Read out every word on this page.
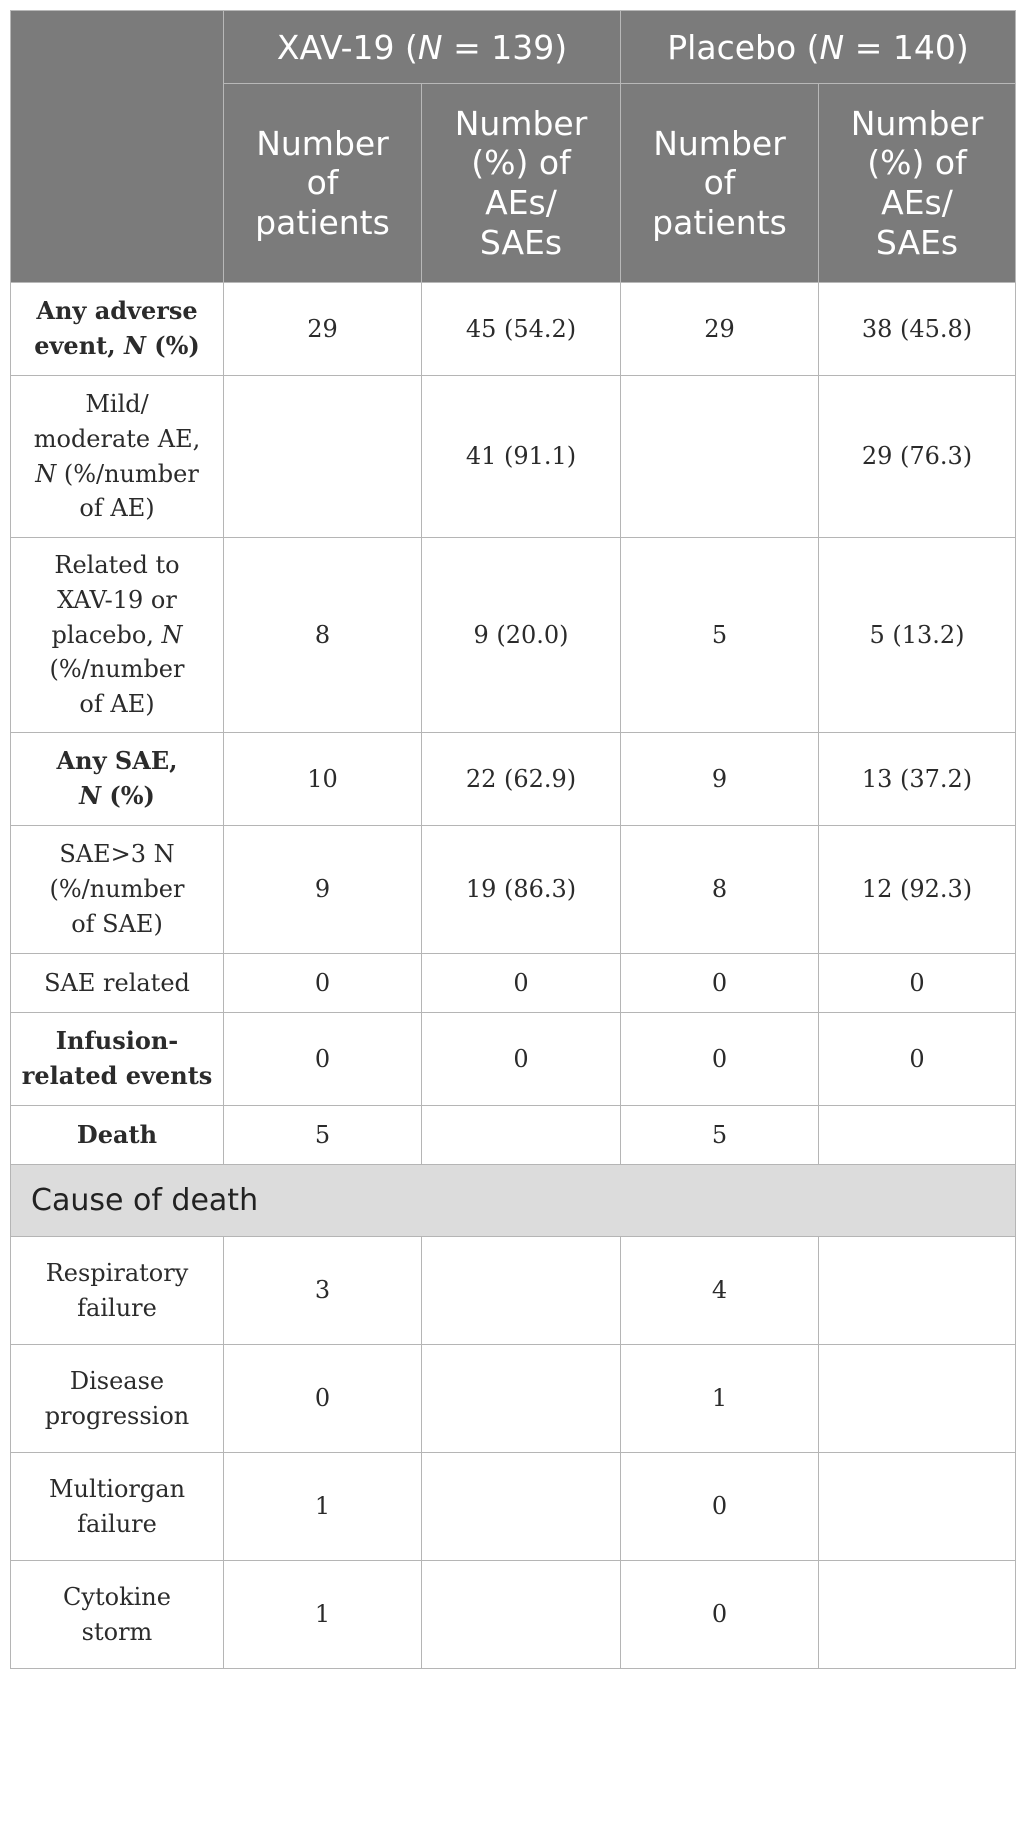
	XAV-19 (N = 139)		Placebo (N = 140)	

	Number
of
patients	Number
(%) of
AEs/
SAEs	Number
of
patients	Number
(%) of
AEs/
SAEs

Any adverse
event, N (%)	29	45 (54.2)	29	38 (45.8)

Mild/
moderate AE,
N (%/number
of AE)		41 (91.1)		29 (76.3)

Related to
XAV-19 or
placebo, N
(%/number
of AE)	8	9 (20.0)	5	5 (13.2)

Any SAE,
N (%)	10	22 (62.9)	9	13 (37.2)

SAE>3 N
(%/number
of SAE)	9	19 (86.3)	8	12 (92.3)

SAE related	0	0	0	0

Infusion-
related events	0	0	0	0

Death	5		5	
Cause of death				

Respiratory
failure	3		4	

Disease
progression	0		1	

Multiorgan
failure	1		0	

Cytokine
storm	1		0	
